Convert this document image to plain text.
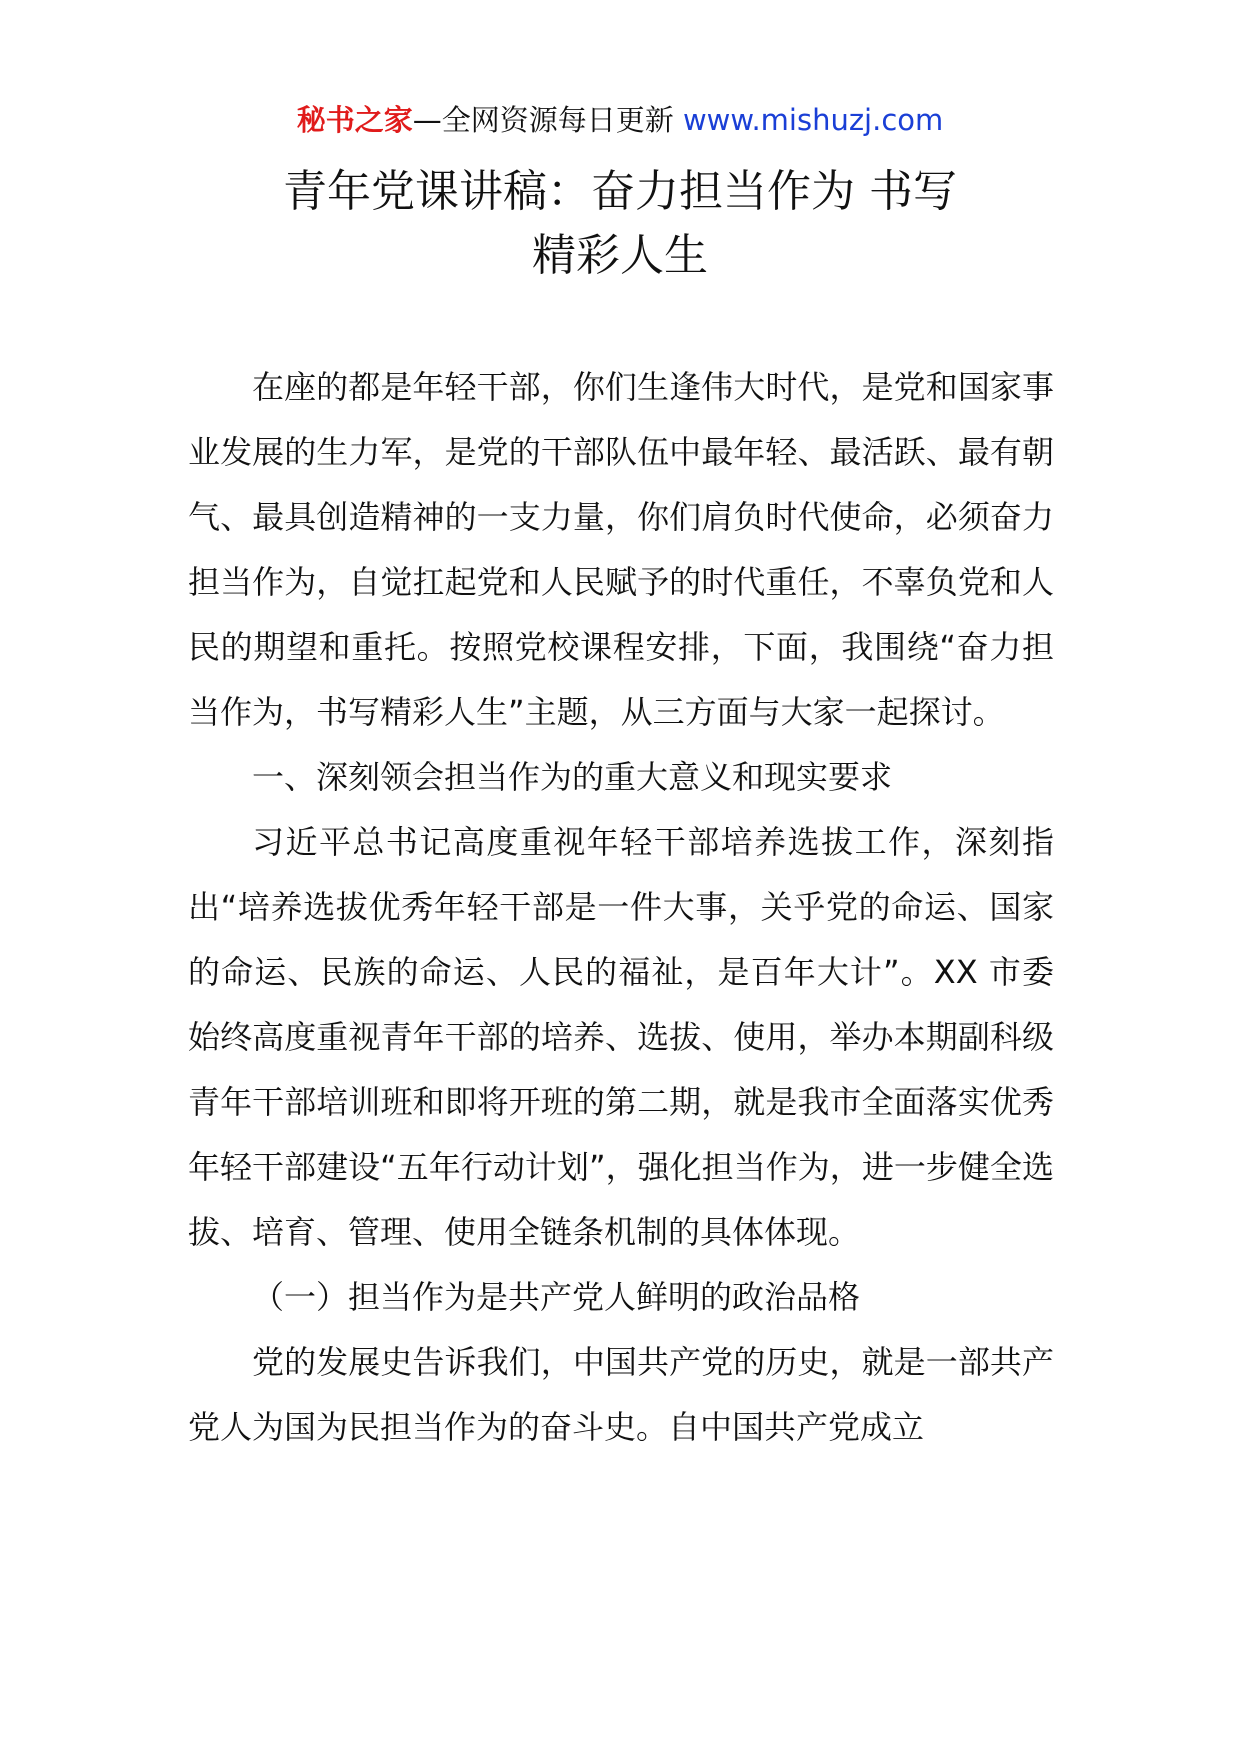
秘书之家—全网资源每日更新 www.mishuzj.com
青年党课讲稿：奋力担当作为 书写
精彩人生

在座的都是年轻干部，你们生逢伟大时代，是党和国家事业发展的生力军，是党的干部队伍中最年轻、最活跃、最有朝气、最具创造精神的一支力量，你们肩负时代使命，必须奋力担当作为，自觉扛起党和人民赋予的时代重任，不辜负党和人民的期望和重托。按照党校课程安排，下面，我围绕“奋力担当作为，书写精彩人生”主题，从三方面与大家一起探讨。

一、深刻领会担当作为的重大意义和现实要求

习近平总书记高度重视年轻干部培养选拔工作，深刻指出“培养选拔优秀年轻干部是一件大事，关乎党的命运、国家的命运、民族的命运、人民的福祉，是百年大计”。XX 市委始终高度重视青年干部的培养、选拔、使用，举办本期副科级青年干部培训班和即将开班的第二期，就是我市全面落实优秀年轻干部建设“五年行动计划”，强化担当作为，进一步健全选拔、培育、管理、使用全链条机制的具体体现。

（一）担当作为是共产党人鲜明的政治品格

党的发展史告诉我们，中国共产党的历史，就是一部共产党人为国为民担当作为的奋斗史。自中国共产党成立
